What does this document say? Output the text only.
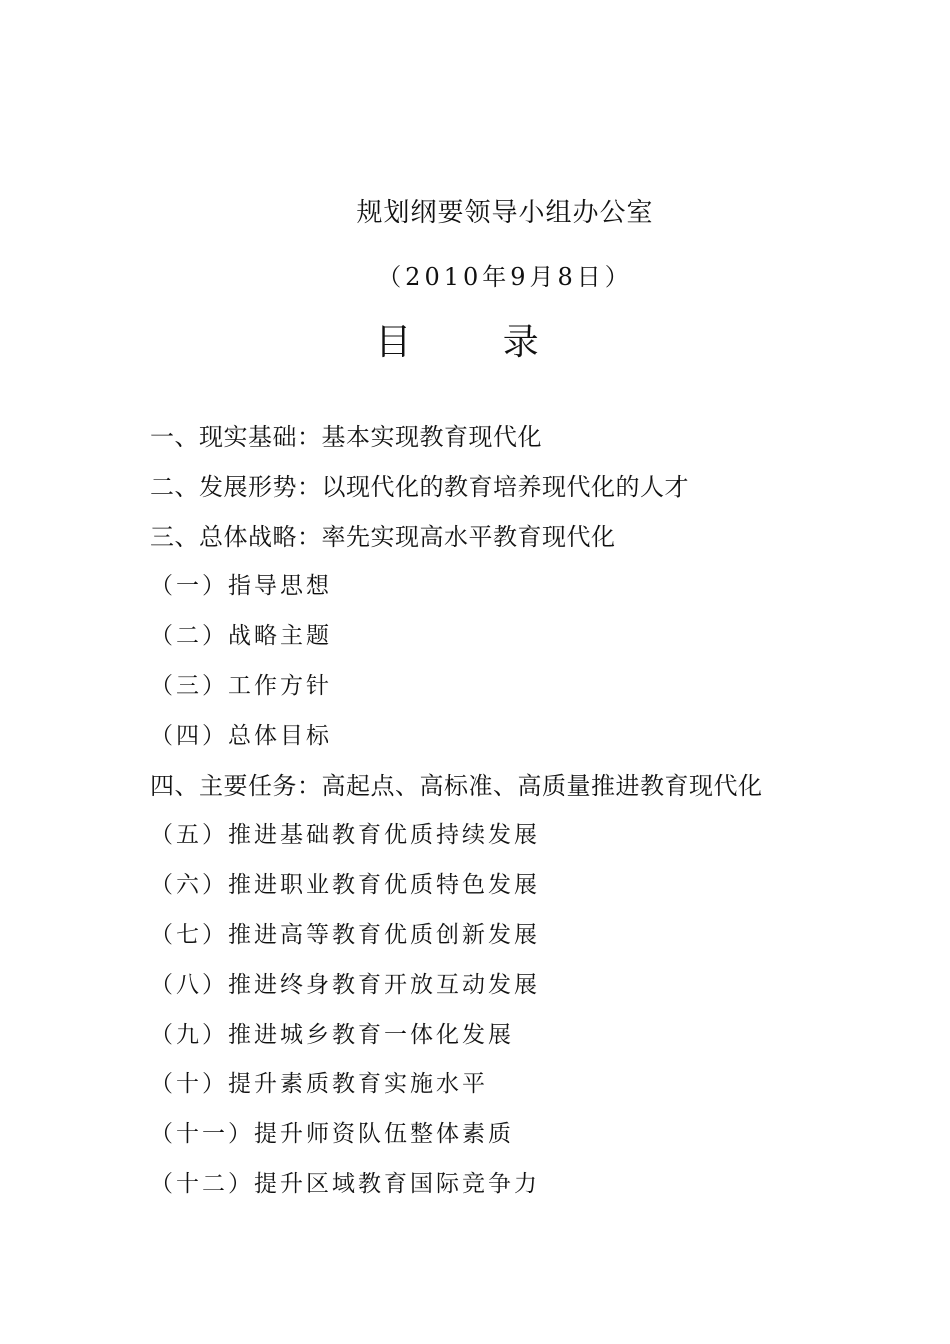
规划纲要领导小组办公室
（2010年9月8日）
目 录
一、现实基础：基本实现教育现代化
二、发展形势：以现代化的教育培养现代化的人才
三、总体战略：率先实现高水平教育现代化
（一）指导思想
（二）战略主题
（三）工作方针
（四）总体目标
四、主要任务：高起点、高标准、高质量推进教育现代化
（五）推进基础教育优质持续发展
（六）推进职业教育优质特色发展
（七）推进高等教育优质创新发展
（八）推进终身教育开放互动发展
（九）推进城乡教育一体化发展
（十）提升素质教育实施水平
（十一）提升师资队伍整体素质
（十二）提升区域教育国际竞争力
